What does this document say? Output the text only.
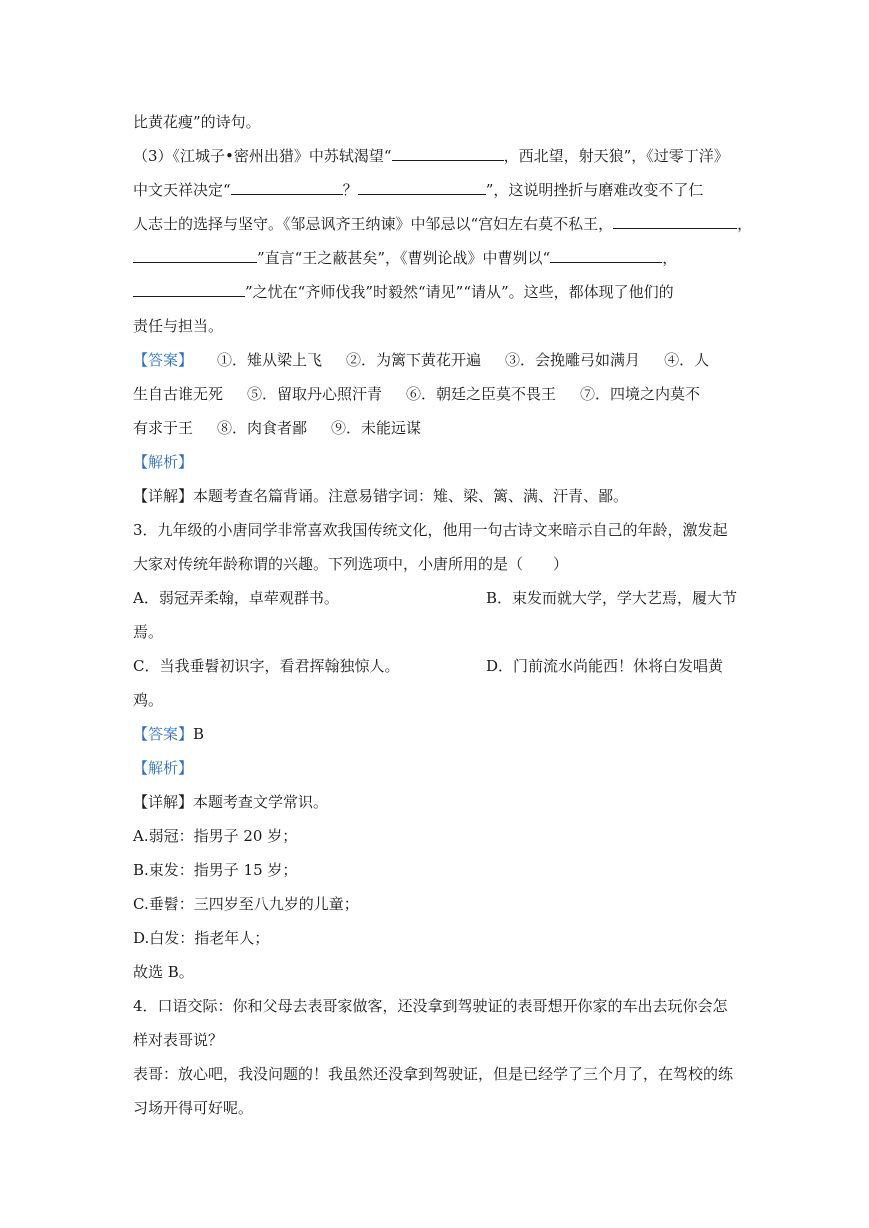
比黄花瘦”的诗句。
（3）《江城子•密州出猎》中苏轼渴望“	，西北望，射天狼”，《过零丁洋》
中文天祥决定“	？	”，这说明挫折与磨难改变不了仁
人志士的选择与坚守。《邹忌讽齐王纳谏》中邹忌以“宫妇左右莫不私王，	，
”直言“王之蔽甚矣”，《曹刿论战》中曹刿以“	，
”之忧在“齐师伐我”时毅然“请见”“请从”。这些，都体现了他们的
责任与担当。
【答案】 ①．雉从梁上飞 ②．为篱下黄花开遍 ③．会挽雕弓如满月 ④．人
生自古谁无死 ⑤．留取丹心照汗青 ⑥．朝廷之臣莫不畏王 ⑦．四境之内莫不
有求于王 ⑧．肉食者鄙 ⑨．未能远谋
【解析】
【详解】本题考查名篇背诵。注意易错字词：雉、梁、篱、满、汗青、鄙。
3．九年级的小唐同学非常喜欢我国传统文化，他用一句古诗文来暗示自己的年龄，激发起
大家对传统年龄称谓的兴趣。下列选项中，小唐所用的是（　　）
A．弱冠弄柔翰，卓荦观群书。	B．束发而就大学，学大艺焉，履大节
焉。
C．当我垂髫初识字，看君挥翰独惊人。	D．门前流水尚能西！休将白发唱黄
鸡。
【答案】B
【解析】
【详解】本题考查文学常识。
A.弱冠：指男子 20 岁；
B.束发：指男子 15 岁；
C.垂髫：三四岁至八九岁的儿童；
D.白发：指老年人；
故选 B。
4．口语交际：你和父母去表哥家做客，还没拿到驾驶证的表哥想开你家的车出去玩你会怎
样对表哥说？
表哥：放心吧，我没问题的！我虽然还没拿到驾驶证，但是已经学了三个月了，在驾校的练
习场开得可好呢。
